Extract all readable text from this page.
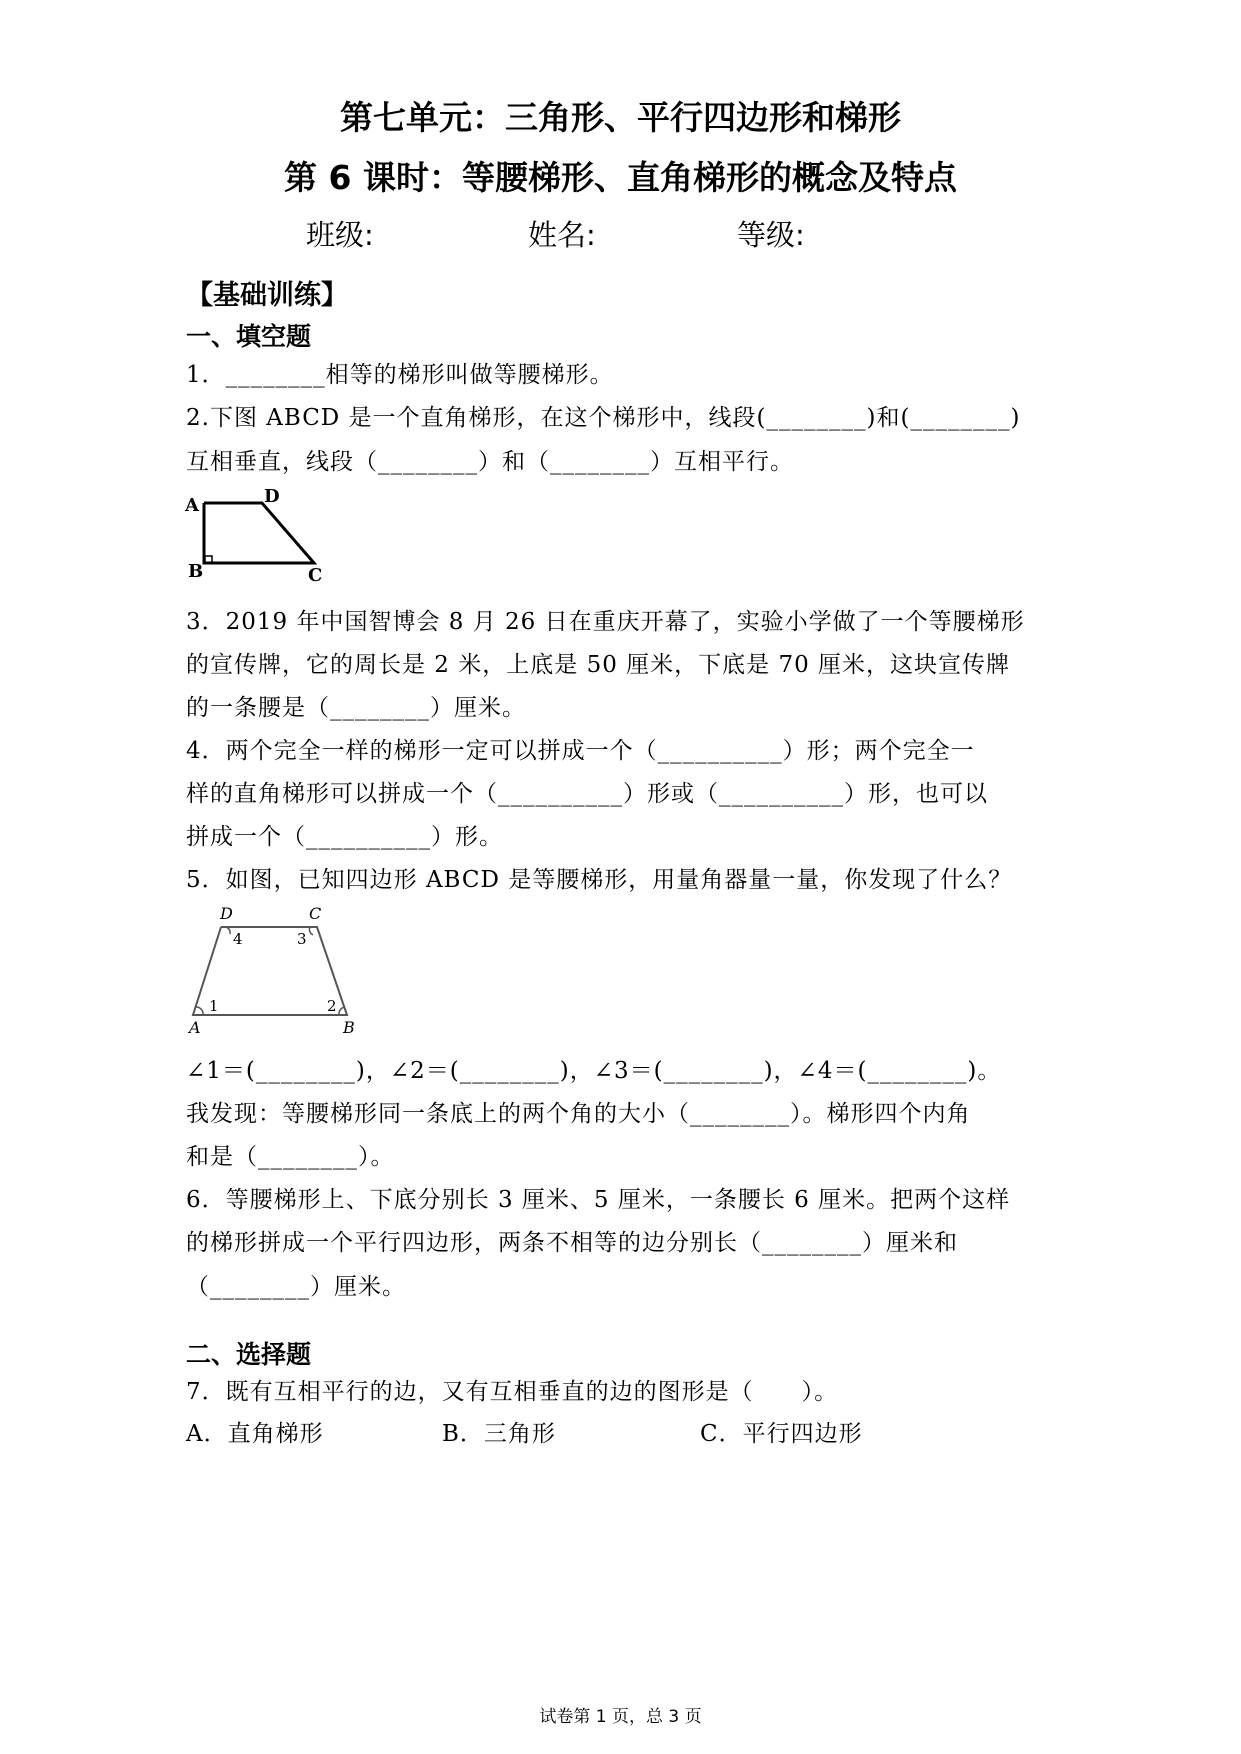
第七单元：三角形、平行四边形和梯形
第 6 课时：等腰梯形、直角梯形的概念及特点
班级:	姓名:	等级:
【基础训练】
一、填空题
1．________相等的梯形叫做等腰梯形。
2.下图 ABCD 是一个直角梯形，在这个梯形中，线段(________)和(________)
互相垂直，线段（________）和（________）互相平行。
A	D
B	C
3．2019 年中国智博会 8 月 26 日在重庆开幕了，实验小学做了一个等腰梯形
的宣传牌，它的周长是 2 米，上底是 50 厘米，下底是 70 厘米，这块宣传牌
的一条腰是（________）厘米。
4．两个完全一样的梯形一定可以拼成一个（__________）形；两个完全一
样的直角梯形可以拼成一个（__________）形或（__________）形，也可以
拼成一个（__________）形。
5．如图，已知四边形 ABCD 是等腰梯形，用量角器量一量，你发现了什么？
D	C
A	B
4	3
1	2
∠1＝(________)，∠2＝(________)，∠3＝(________)，∠4＝(________)。
我发现：等腰梯形同一条底上的两个角的大小（________）。梯形四个内角
和是（________）。
6．等腰梯形上、下底分别长 3 厘米、5 厘米，一条腰长 6 厘米。把两个这样
的梯形拼成一个平行四边形，两条不相等的边分别长（________）厘米和
（________）厘米。
二、选择题
7．既有互相平行的边，又有互相垂直的边的图形是（　　）。
A．直角梯形	B．三角形	C．平行四边形
试卷第 1 页，总 3 页
